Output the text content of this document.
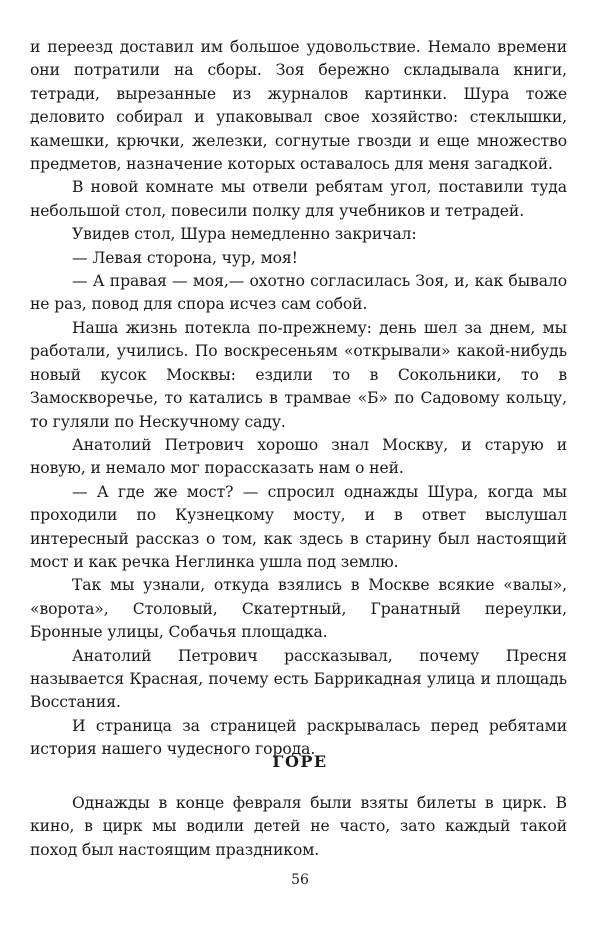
и переезд доставил им большое удовольствие. Немало времени они потратили на сборы. Зоя бережно складывала книги, тетради, вырезанные из журналов картинки. Шура тоже деловито собирал и упаковывал свое хозяйство: стеклышки, камешки, крючки, железки, согнутые гвозди и еще множество предметов, назначение которых оставалось для меня загадкой.

В новой комнате мы отвели ребятам угол, поставили туда небольшой стол, повесили полку для учебников и тетрадей.

Увидев стол, Шура немедленно закричал:

— Левая сторона, чур, моя!

— А правая — моя,— охотно согласилась Зоя, и, как бывало не раз, повод для спора исчез сам собой.

Наша жизнь потекла по-прежнему: день шел за днем, мы работали, учились. По воскресеньям «открывали» какой-нибудь новый кусок Москвы: ездили то в Сокольники, то в Замоскворечье, то катались в трамвае «Б» по Садовому кольцу, то гуляли по Нескучному саду.

Анатолий Петрович хорошо знал Москву, и старую и новую, и немало мог порассказать нам о ней.

— А где же мост? — спросил однажды Шура, когда мы проходили по Кузнецкому мосту, и в ответ выслушал интересный рассказ о том, как здесь в старину был настоящий мост и как речка Неглинка ушла под землю.

Так мы узнали, откуда взялись в Москве всякие «валы», «ворота», Столовый, Скатертный, Гранатный переулки, Бронные улицы, Собачья площадка.

Анатолий Петрович рассказывал, почему Пресня называется Красная, почему есть Баррикадная улица и площадь Восстания.

И страница за страницей раскрывалась перед ребятами история нашего чудесного города.

ГОРЕ

Однажды в конце февраля были взяты билеты в цирк. В кино, в цирк мы водили детей не часто, зато каждый такой поход был настоящим праздником.

56
